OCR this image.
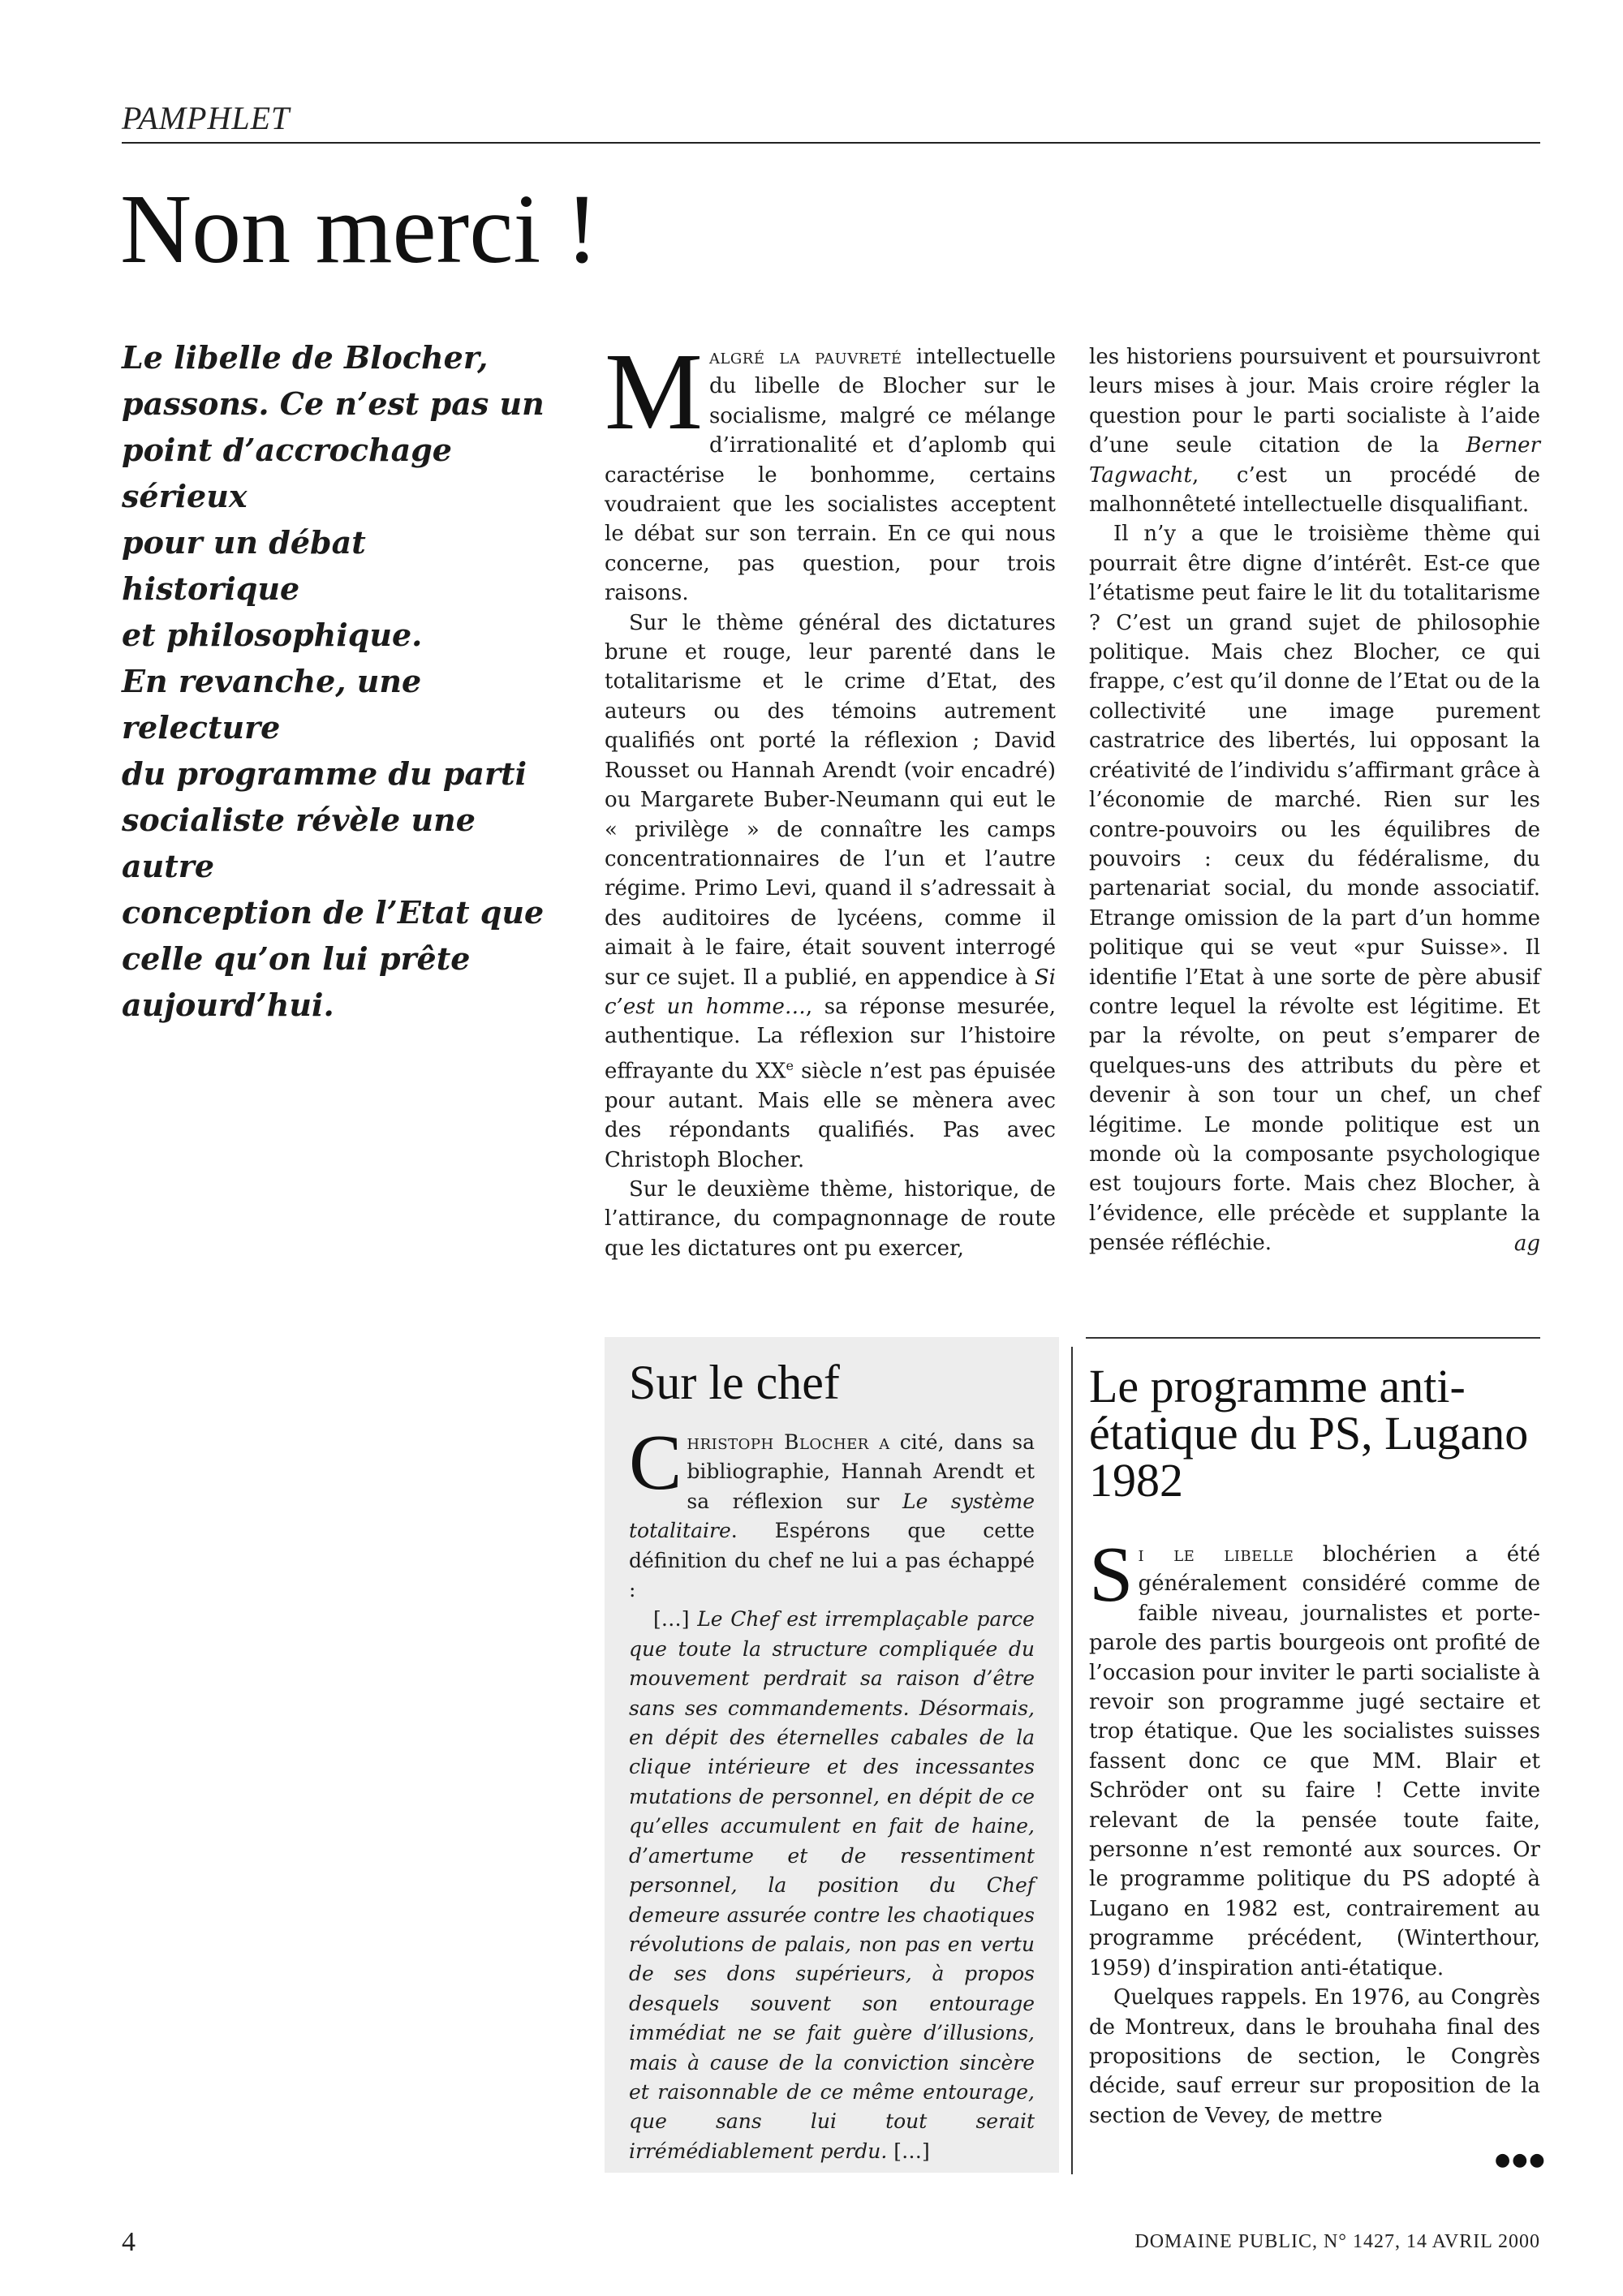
PAMPHLET
Non merci !
Le libelle de Blocher,
passons. Ce n’est pas un
point d’accrochage sérieux
pour un débat historique
et philosophique.
En revanche, une relecture
du programme du parti
socialiste révèle une autre
conception de l’Etat que
celle qu’on lui prête
aujourd’hui.

Malgré la pauvreté intellectuelle du libelle de Blocher sur le socialisme, malgré ce mélange d’irrationalité et d’aplomb qui caractérise le bonhomme, certains voudraient que les socialistes acceptent le débat sur son terrain. En ce qui nous concerne, pas question, pour trois raisons.

Sur le thème général des dictatures brune et rouge, leur parenté dans le totalitarisme et le crime d’Etat, des auteurs ou des témoins autrement qualifiés ont porté la réflexion ; David Rousset ou Hannah Arendt (voir encadré) ou Margarete Buber-Neumann qui eut le « privilège » de connaître les camps concentrationnaires de l’un et l’autre régime. Primo Levi, quand il s’adressait à des auditoires de lycéens, comme il aimait à le faire, était souvent interrogé sur ce sujet. Il a publié, en appendice à Si c’est un homme…, sa réponse mesurée, authentique. La réflexion sur l’histoire effrayante du XXe siècle n’est pas épuisée pour autant. Mais elle se mènera avec des répondants qualifiés. Pas avec Christoph Blocher.

Sur le deuxième thème, historique, de l’attirance, du compagnonnage de route que les dictatures ont pu exercer,

les historiens poursuivent et poursuivront leurs mises à jour. Mais croire régler la question pour le parti socialiste à l’aide d’une seule citation de la Berner Tagwacht, c’est un procédé de malhonnêteté intellectuelle disqualifiant.

Il n’y a que le troisième thème qui pourrait être digne d’intérêt. Est-ce que l’étatisme peut faire le lit du totalitarisme ? C’est un grand sujet de philosophie politique. Mais chez Blocher, ce qui frappe, c’est qu’il donne de l’Etat ou de la collectivité une image purement castratrice des libertés, lui opposant la créativité de l’individu s’affirmant grâce à l’économie de marché. Rien sur les contre-pouvoirs ou les équilibres de pouvoirs : ceux du fédéralisme, du partenariat social, du monde associatif. Etrange omission de la part d’un homme politique qui se veut «pur Suisse». Il identifie l’Etat à une sorte de père abusif contre lequel la révolte est légitime. Et par la révolte, on peut s’emparer de quelques-uns des attributs du père et devenir à son tour un chef, un chef légitime. Le monde politique est un monde où la composante psychologique est toujours forte. Mais chez Blocher, à l’évidence, elle précède et supplante la pensée réfléchie.	ag
Sur le chef

Christoph Blocher a cité, dans sa bibliographie, Hannah Arendt et sa réflexion sur Le système totalitaire. Espérons que cette définition du chef ne lui a pas échappé :

[…] Le Chef est irremplaçable parce que toute la structure compliquée du mouvement perdrait sa raison d’être sans ses commandements. Désormais, en dépit des éternelles cabales de la clique intérieure et des incessantes mutations de personnel, en dépit de ce qu’elles accumulent en fait de haine, d’amertume et de ressentiment personnel, la position du Chef demeure assurée contre les chaotiques révolutions de palais, non pas en vertu de ses dons supérieurs, à propos desquels souvent son entourage immédiat ne se fait guère d’illusions, mais à cause de la conviction sincère et raisonnable de ce même entourage, que sans lui tout serait irrémédiablement perdu. […]

Le programme anti-étatique du PS, Lugano 1982

Si le libelle blochérien a été généralement considéré comme de faible niveau, journalistes et porte-parole des partis bourgeois ont profité de l’occasion pour inviter le parti socialiste à revoir son programme jugé sectaire et trop étatique. Que les socialistes suisses fassent donc ce que MM. Blair et Schröder ont su faire ! Cette invite relevant de la pensée toute faite, personne n’est remonté aux sources. Or le programme politique du PS adopté à Lugano en 1982 est, contrairement au programme précédent, (Winterthour, 1959) d’inspiration anti-étatique.

Quelques rappels. En 1976, au Congrès de Montreux, dans le brouhaha final des propositions de section, le Congrès décide, sauf erreur sur proposition de la section de Vevey, de mettre

●●●
4	DOMAINE PUBLIC, N° 1427, 14 AVRIL 2000
